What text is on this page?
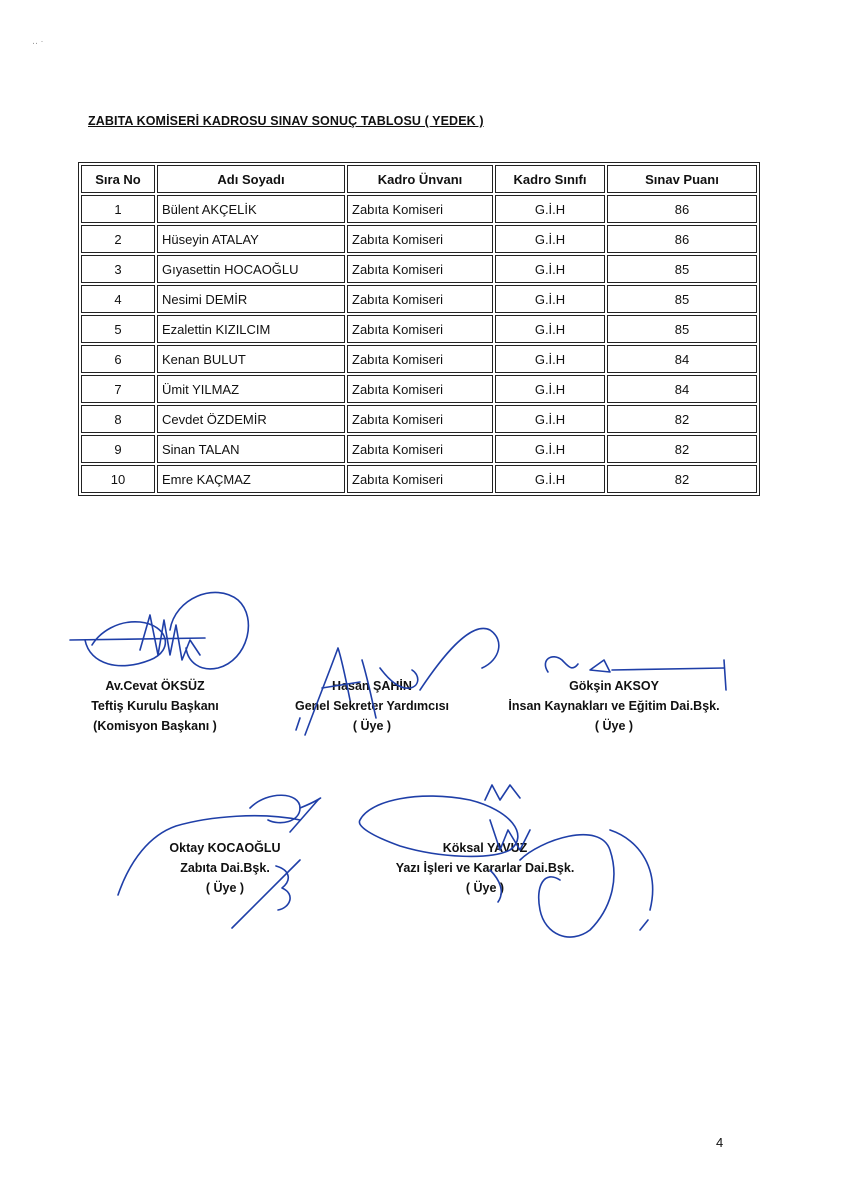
‥ ·
ZABITA KOMİSERİ KADROSU SINAV SONUÇ TABLOSU ( YEDEK )
Sıra No	Adı Soyadı	Kadro Ünvanı	Kadro Sınıfı	Sınav Puanı
1	Bülent AKÇELİK	Zabıta Komiseri	G.İ.H	86
2	Hüseyin ATALAY	Zabıta Komiseri	G.İ.H	86
3	Gıyasettin HOCAOĞLU	Zabıta Komiseri	G.İ.H	85
4	Nesimi DEMİR	Zabıta Komiseri	G.İ.H	85
5	Ezalettin KIZILCIM	Zabıta Komiseri	G.İ.H	85
6	Kenan BULUT	Zabıta Komiseri	G.İ.H	84
7	Ümit YILMAZ	Zabıta Komiseri	G.İ.H	84
8	Cevdet ÖZDEMİR	Zabıta Komiseri	G.İ.H	82
9	Sinan TALAN	Zabıta Komiseri	G.İ.H	82
10	Emre KAÇMAZ	Zabıta Komiseri	G.İ.H	82
Av.Cevat ÖKSÜZ
Teftiş Kurulu Başkanı
(Komisyon Başkanı )
Hasan ŞAHİN
Genel Sekreter Yardımcısı
( Üye )
Gökşin AKSOY
İnsan Kaynakları ve Eğitim Dai.Bşk.
( Üye )
Oktay KOCAOĞLU
Zabıta Dai.Bşk.
( Üye )
Köksal YAVUZ
Yazı İşleri ve Kararlar Dai.Bşk.
( Üye )
4
